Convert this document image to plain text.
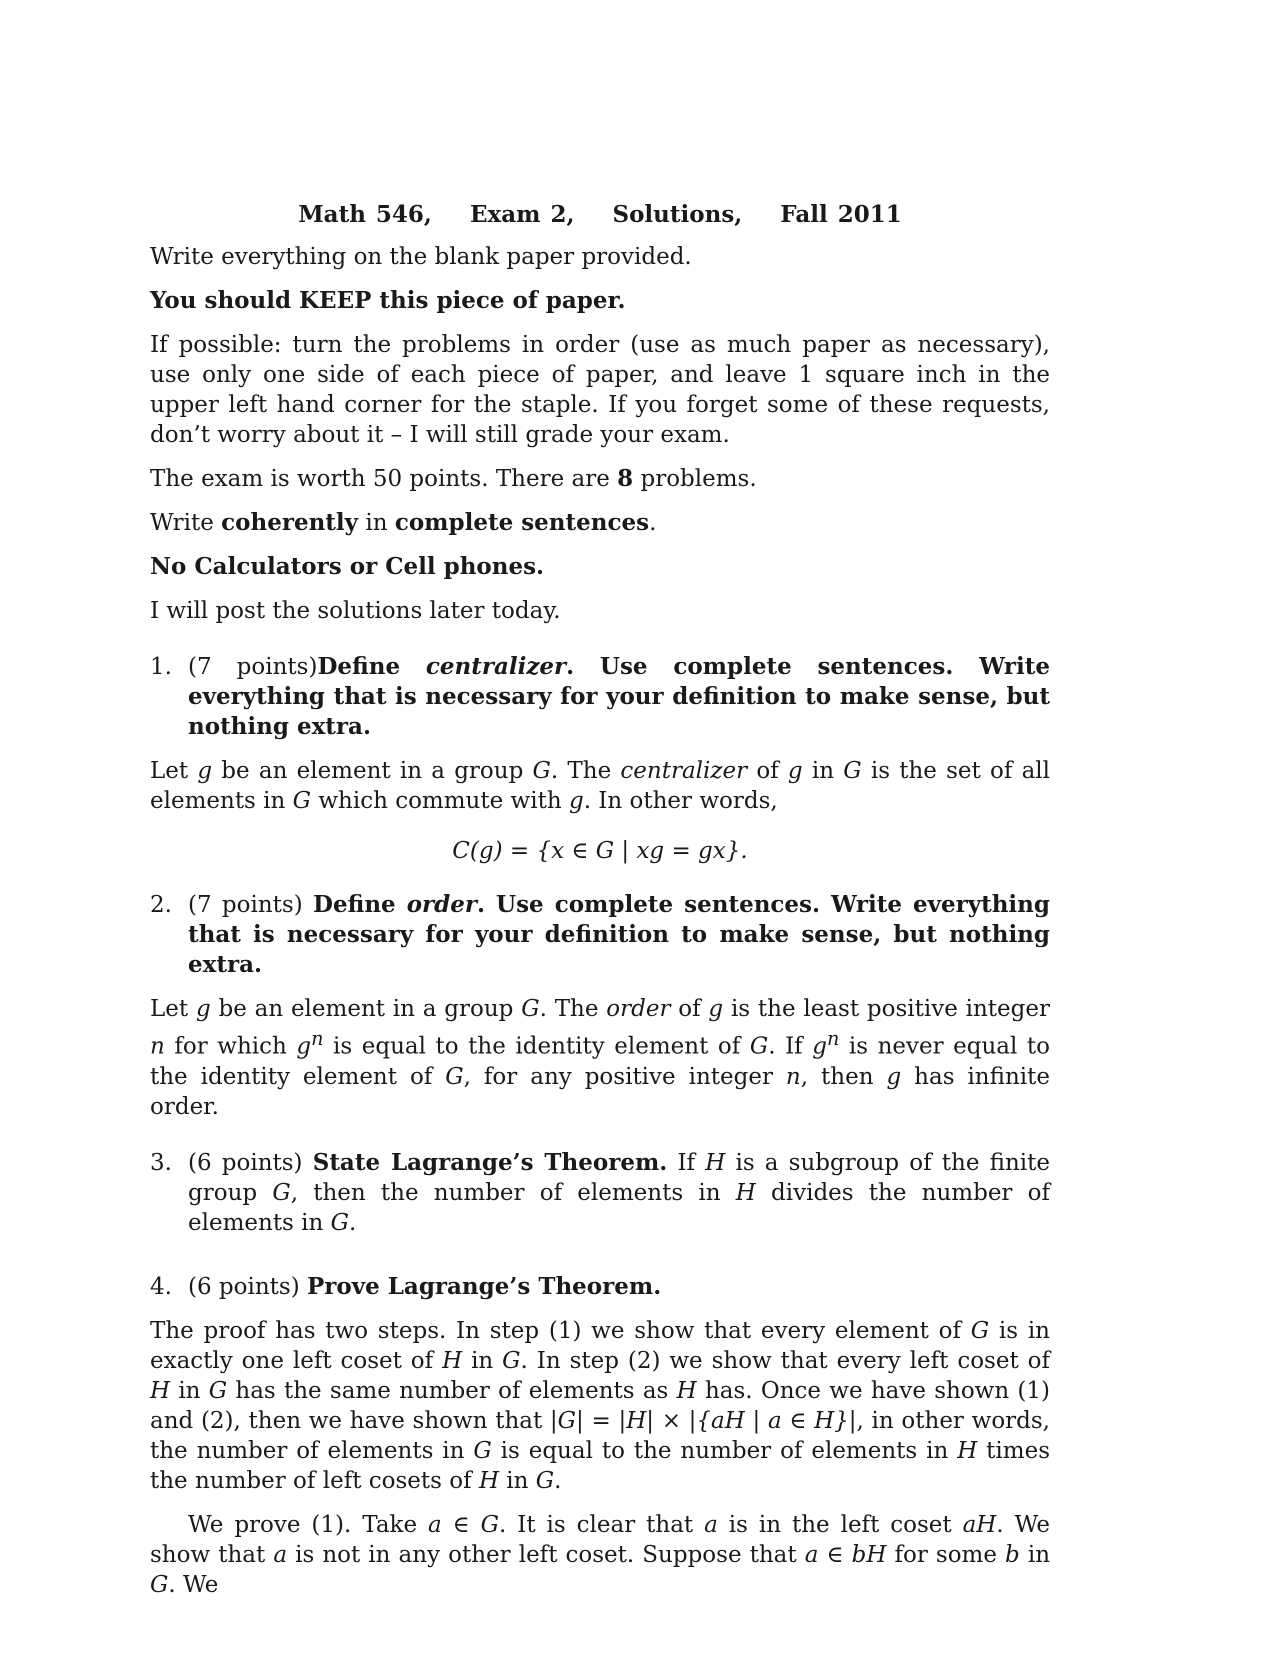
Math 546, Exam 2, Solutions, Fall 2011

Write everything on the blank paper provided.

You should KEEP this piece of paper.

If possible: turn the problems in order (use as much paper as necessary), use only one side of each piece of paper, and leave 1 square inch in the upper left hand corner for the staple. If you forget some of these requests, don’t worry about it – I will still grade your exam.

The exam is worth 50 points. There are 8 problems.

Write coherently in complete sentences.

No Calculators or Cell phones.

I will post the solutions later today.

1. (7 points)Define centralizer. Use complete sentences. Write everything that is necessary for your definition to make sense, but nothing extra.

Let g be an element in a group G. The centralizer of g in G is the set of all elements in G which commute with g. In other words,

C(g) = {x ∈ G | xg = gx}.
2. (7 points) Define order. Use complete sentences. Write everything that is necessary for your definition to make sense, but nothing extra.

Let g be an element in a group G. The order of g is the least positive integer n for which $g^n$ is equal to the identity element of G. If $g^n$ is never equal to the identity element of G, for any positive integer n, then g has infinite order.

3. (6 points) State Lagrange’s Theorem. If H is a subgroup of the finite group G, then the number of elements in H divides the number of elements in G.
4. (6 points) Prove Lagrange’s Theorem.

The proof has two steps. In step (1) we show that every element of G is in exactly one left coset of H in G. In step (2) we show that every left coset of H in G has the same number of elements as H has. Once we have shown (1) and (2), then we have shown that |G| = |H| × |{aH | a ∈ H}|, in other words, the number of elements in G is equal to the number of elements in H times the number of left cosets of H in G.

We prove (1). Take a ∈ G. It is clear that a is in the left coset aH. We show that a is not in any other left coset. Suppose that a ∈ bH for some b in G. We
